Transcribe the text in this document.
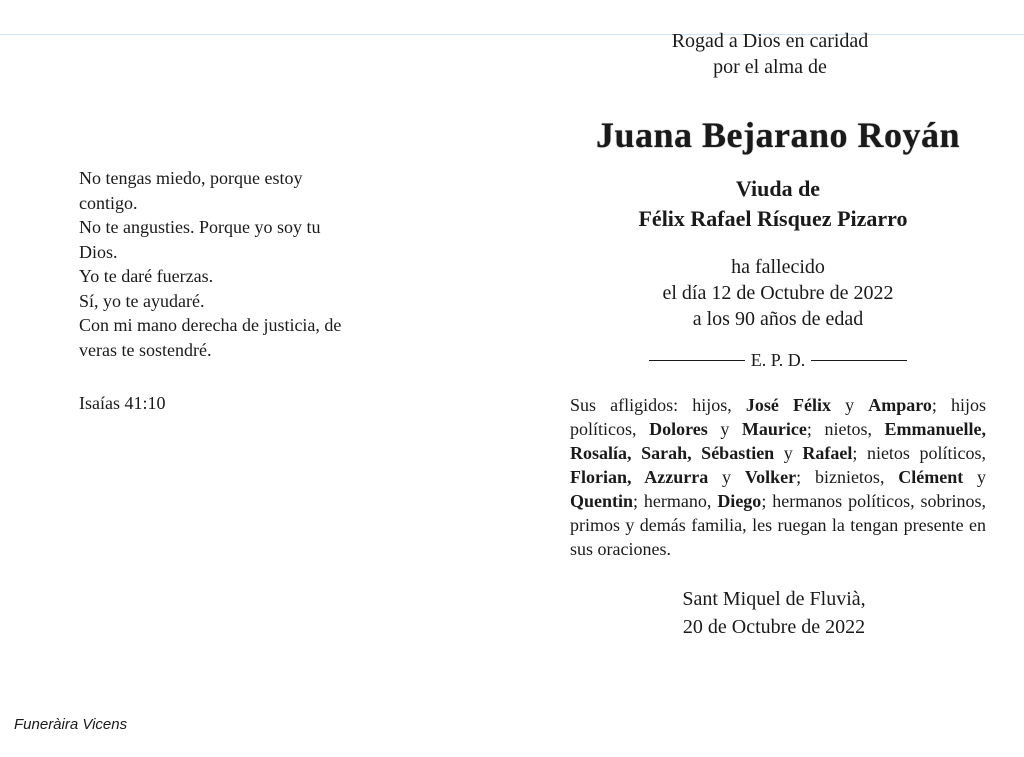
No tengas miedo, porque estoy
contigo.
No te angusties. Porque yo soy tu
Dios.
Yo te daré fuerzas.
Sí, yo te ayudaré.
Con mi mano derecha de justicia, de
veras te sostendré.
Isaías 41:10
Funeràira Vicens
Rogad a Dios en caridad
por el alma de
Juana Bejarano Royán
Viuda de
Félix Rafael Rísquez Pizarro
ha fallecido
el día 12 de Octubre de 2022
a los 90 años de edad
E. P. D.
Sus afligidos: hijos, José Félix y Amparo; hijos políticos, Dolores y Maurice; nietos, Emmanuelle, Rosalía, Sarah, Sébastien y Rafael; nietos políticos, Florian, Azzurra y Volker; biznietos, Clément y Quentin; hermano, Diego; hermanos políticos, sobrinos, primos y demás familia, les ruegan la tengan presente en sus oraciones.
Sant Miquel de Fluvià,
20 de Octubre de 2022
